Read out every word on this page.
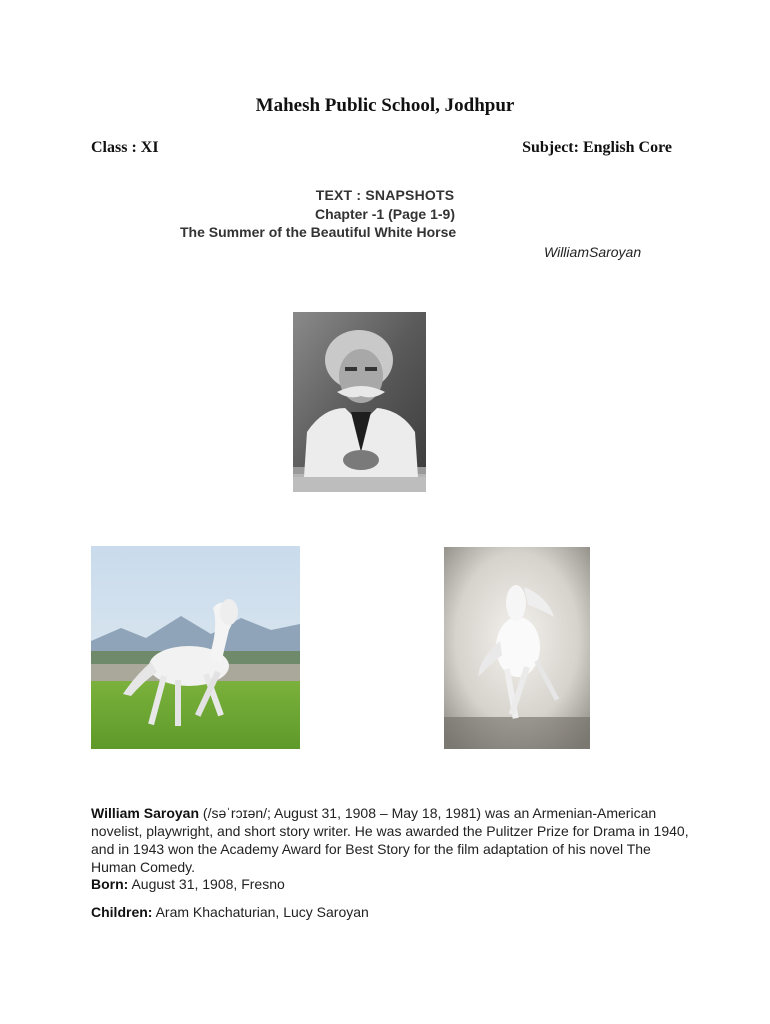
Mahesh Public School, Jodhpur
Class : XI	Subject: English Core
TEXT : SNAPSHOTS
Chapter -1 (Page 1-9)
The Summer of the Beautiful White Horse
WilliamSaroyan
William Saroyan (/səˈrɔɪən/; August 31, 1908 – May 18, 1981) was an Armenian-American novelist, playwright, and short story writer. He was awarded the Pulitzer Prize for Drama in 1940, and in 1943 won the Academy Award for Best Story for the film adaptation of his novel The Human Comedy.
Born: August 31, 1908, Fresno
Children: Aram Khachaturian, Lucy Saroyan
